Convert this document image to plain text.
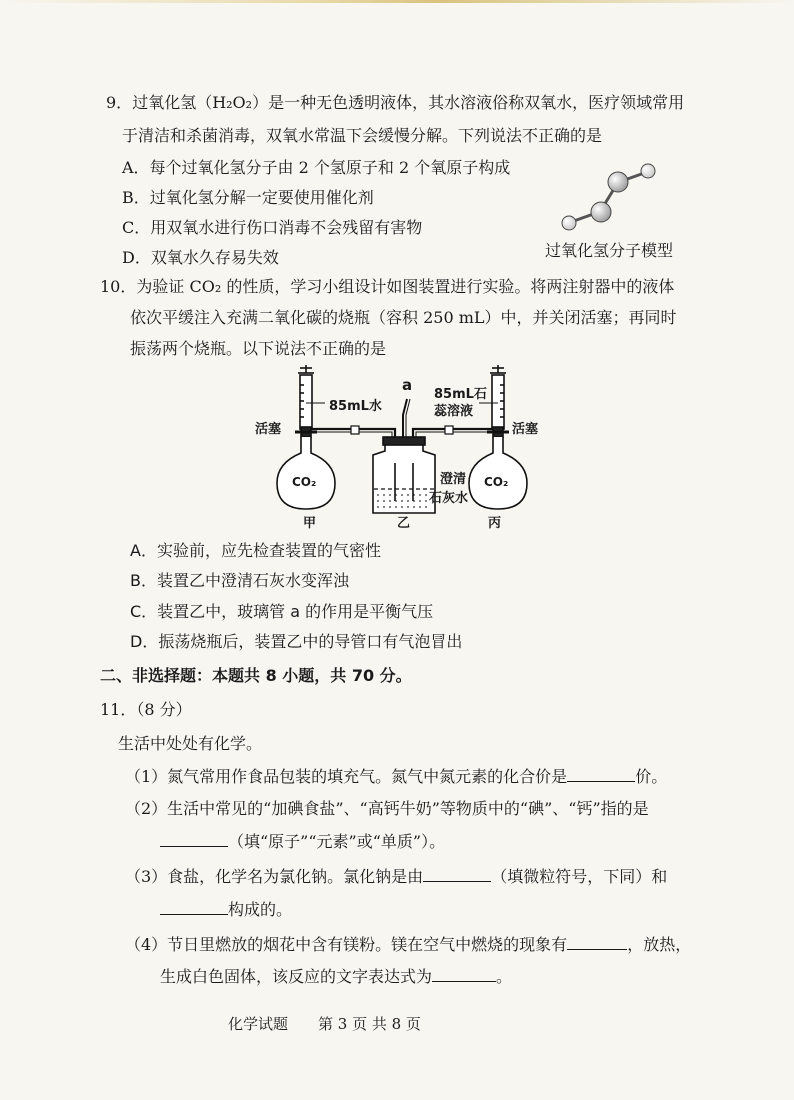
9．过氧化氢（H₂O₂）是一种无色透明液体，其水溶液俗称双氧水，医疗领域常用
于清洁和杀菌消毒，双氧水常温下会缓慢分解。下列说法不正确的是
A．每个过氧化氢分子由 2 个氢原子和 2 个氧原子构成
B．过氧化氢分解一定要使用催化剂
C．用双氧水进行伤口消毒不会残留有害物
D．双氧水久存易失效	过氧化氢分子模型
10．为验证 CO₂ 的性质，学习小组设计如图装置进行实验。将两注射器中的液体
依次平缓注入充满二氧化碳的烧瓶（容积 250 mL）中，并关闭活塞；再同时
振荡两个烧瓶。以下说法不正确的是
85mL水
a
85mL石
蕊溶液
活塞	活塞
CO₂	CO₂
澄清
石灰水
甲	乙	丙
A．实验前，应先检查装置的气密性
B．装置乙中澄清石灰水变浑浊
C．装置乙中，玻璃管 a 的作用是平衡气压
D．振荡烧瓶后，装置乙中的导管口有气泡冒出
二、非选择题：本题共 8 小题，共 70 分。
11．（8 分）
生活中处处有化学。
（1）氮气常用作食品包装的填充气。氮气中氮元素的化合价是	价。
（2）生活中常见的“加碘食盐”、“高钙牛奶”等物质中的“碘”、“钙”指的是
（填“原子”“元素”或“单质”）。
（3）食盐，化学名为氯化钠。氯化钠是由	（填微粒符号，下同）和
构成的。
（4）节日里燃放的烟花中含有镁粉。镁在空气中燃烧的现象有	，放热，
生成白色固体，该反应的文字表达式为	。
化学试题　　第 3 页 共 8 页
